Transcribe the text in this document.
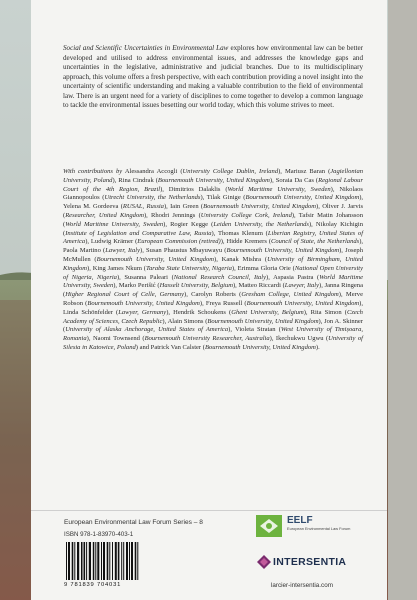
Social and Scientific Uncertainties in Environmental Law explores how environmental law can be better developed and utilised to address environmental issues, and addresses the knowledge gaps and uncertainties in the legislative, administrative and judicial branches. Due to its multidisciplinary approach, this volume offers a fresh perspective, with each contribution providing a novel insight into the uncertainty of scientific understanding and making a valuable contribution to the field of environmental law. There is an urgent need for a variety of disciplines to come together to develop a common language to tackle the environmental issues besetting our world today, which this volume strives to meet.

With contributions by Alessandra Accogli (University College Dublin, Ireland), Mariusz Baran (Jagiellonian University, Poland), Rina Cindrak (Bournemouth University, United Kingdom), Soraia Da Cas (Regional Labour Court of the 4th Region, Brazil), Dimitrios Dalaklis (World Maritime University, Sweden), Nikolaos Giannopoulos (Utrecht University, the Netherlands), Tilak Ginige (Bournemouth University, United Kingdom), Yelena M. Gordeeva (RUSAL, Russia), Iain Green (Bournemouth University, United Kingdom), Oliver J. Jarvis (Researcher, United Kingdom), Rhodri Jennings (University College Cork, Ireland), Tafsir Matin Johansson (World Maritime University, Sweden), Rogier Kegge (Leiden University, the Netherlands), Nikolay Kichigin (Institute of Legislation and Comparative Law, Russia), Thomas Klenum (Liberian Registry, United States of America), Ludwig Krämer (European Commission (retired)), Hidde Kremers (Council of State, the Netherlands), Paola Martino (Lawyer, Italy), Susan Phaustus Mbayuwayu (Bournemouth University, United Kingdom), Joseph McMullen (Bournemouth University, United Kingdom), Kanak Mishra (University of Birmingham, United Kingdom), King James Nkum (Taraba State University, Nigeria), Erimma Gloria Orie (National Open University of Nigeria, Nigeria), Susanna Paleari (National Research Council, Italy), Aspasia Pastra (World Maritime University, Sweden), Marko Perišić (Hasselt University, Belgium), Matteo Riccardi (Lawyer, Italy), Janna Ringena (Higher Regional Court of Celle, Germany), Carolyn Roberts (Gresham College, United Kingdom), Merve Robson (Bournemouth University, United Kingdom), Freya Russell (Bournemouth University, United Kingdom), Linda Schönfelder (Lawyer, Germany), Hendrik Schoukens (Ghent University, Belgium), Rita Simon (Czech Academy of Sciences, Czech Republic), Alain Simons (Bournemouth University, United Kingdom), Jon A. Skinner (University of Alaska Anchorage, United States of America), Violeta Stratan (West University of Timișoara, Romania), Naomi Townsend (Bournemouth University Researcher, Australia), Ikechukwu Ugwu (University of Silesia in Katowice, Poland) and Patrick Van Calster (Bournemouth University, United Kingdom).

European Environmental Law Forum Series – 8
ISBN 978-1-83970-403-1
9 781839 704031
EELF
European Environmental Law Forum
INTERSENTIA
larcier-intersentia.com
